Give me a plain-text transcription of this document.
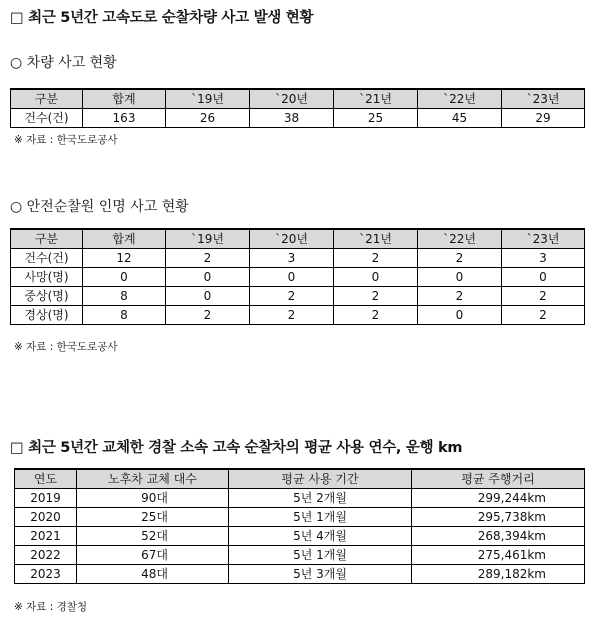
□ 최근 5년간 고속도로 순찰차량 사고 발생 현황
○ 차량 사고 현황
구분	합계	`19년	`20년	`21년	`22년	`23년
건수(건)	163	26	38	25	45	29
※ 자료 : 한국도로공사
○ 안전순찰원 인명 사고 현황
구분	합계	`19년	`20년	`21년	`22년	`23년
건수(건)	12	2	3	2	2	3
사망(명)	0	0	0	0	0	0
중상(명)	8	0	2	2	2	2
경상(명)	8	2	2	2	0	2
※ 자료 : 한국도로공사
□ 최근 5년간 교체한 경찰 소속 고속 순찰차의 평균 사용 연수, 운행 km
연도	노후차 교체 대수	평균 사용 기간	평균 주행거리
2019	90대	5년 2개월	299,244km
2020	25대	5년 1개월	295,738km
2021	52대	5년 4개월	268,394km
2022	67대	5년 1개월	275,461km
2023	48대	5년 3개월	289,182km
※ 자료 : 경찰청
